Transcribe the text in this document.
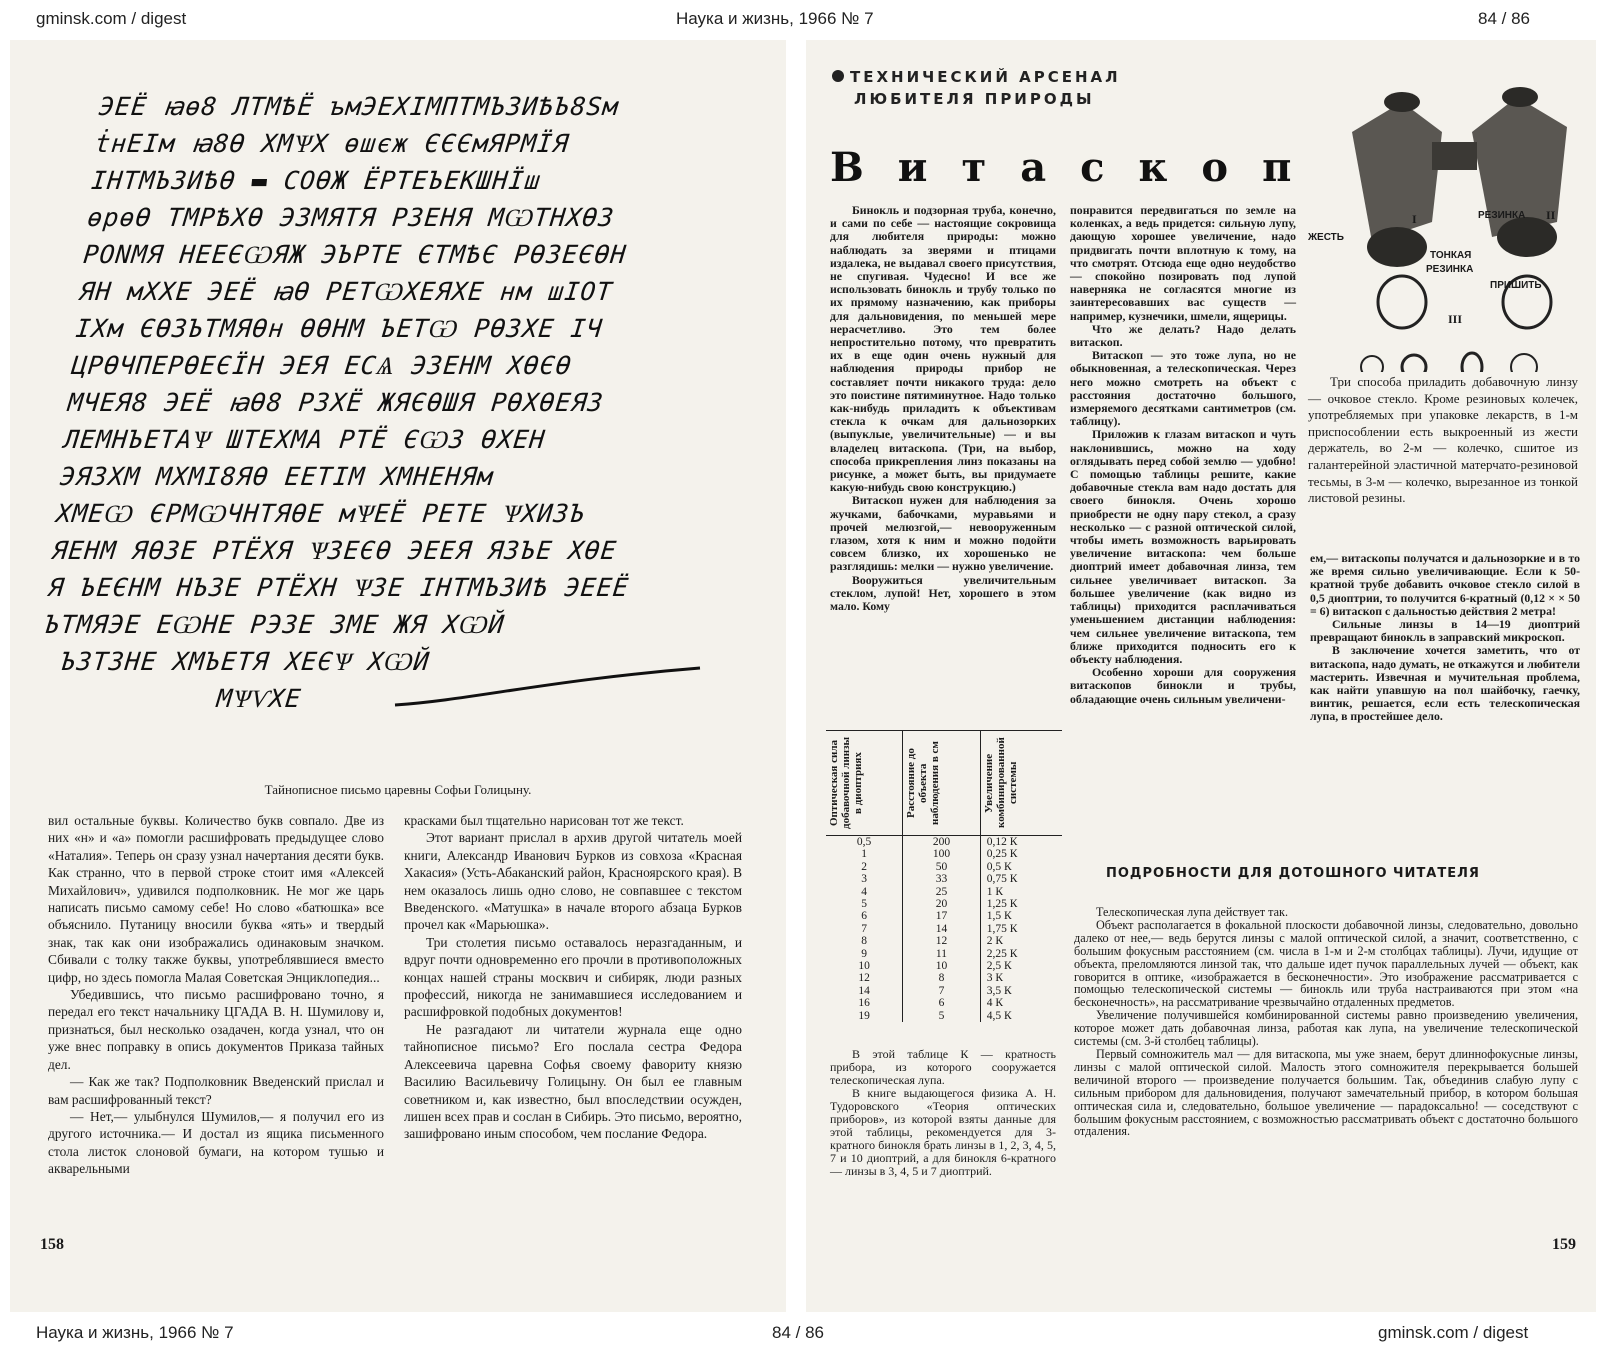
gminsk.com / digest	Наука и жизнь, 1966 № 7	84 / 86
ЭЕЁ ꙗѳ8 ЛТМѢЁ ъмЭЕХІМПТМЪЗИѢЪ8Ѕм
ṫнЕІм ꙗ8Ѳ ХМѰХ ѳшєж ЄЄЄмЯРМЇЯ
ІНТМЪЗИѢѲ ▬ СОѲЖ ЁРТЕЪЕКШНЇш
ѳрѳѲ ТМРѢХѲ ЭЗМЯТЯ РЗЕНЯ МѠТНХѲЗ
РОNМЯ НЕЕЄѠЯЖ ЭЪРТЕ ЄТМѢЄ РѲЗЕЄѲН
ЯН мХХЕ ЭЕЁ ꙗѲ РЕТѠХЕЯХЕ нм шІОТ
ІХм ЄѲЗЪТМЯѲн ѲѲНМ ЪЕТѠ РѲЗХЕ ІЧ
ЦРѲЧПЕРѲЕЄЇН ЭЕЯ ЕСѦ ЭЗЕНМ ХѲЄѲ
МЧЕЯ8 ЭЕЁ ꙗѲ8 РЗХЁ ЖЯЄѲШЯ РѲХѲЕЯЗ
ЛЕМНЪЕТАѰ ШТЕХМА РТЁ ЄѠЗ ѲХЕН
ЭЯЗХМ МХМІ8ЯѲ ЕЕТІМ ХМНЕНЯм
ХМЕѠ ЄРМѠЧНТЯѲЕ мѰЕЁ РЕТЕ ѰХИЗЪ
ЯЕНМ ЯѲЗЕ РТЁХЯ ѰЗЕЄѲ ЭЕЕЯ ЯЗЪЕ ХѲЕ
Я ЪЕЄНМ НЪЗЕ РТЁХН ѰЗЕ ІНТМЪЗИѢ ЭЕЕЁ
ЪТМЯЭЕ ЕѠНЕ РЭЗЕ ЗМЕ ЖЯ ХѠЙ
ЪЗТЗНЕ ХМЪЕТЯ ХЕЄѰ ХѠЙ
МѰѴХЕ
Тайнописное письмо царевны Софьи Голицыну.

вил остальные буквы. Количество букв совпало. Две из них «н» и «а» помогли расшифровать предыдущее слово «Наталия». Теперь он сразу узнал начертания десяти букв. Как странно, что в первой строке стоит имя «Алексей Михайлович», удивился подполковник. Не мог же царь написать письмо самому себе! Но слово «батюшка» все объяснило. Путаницу вносили буква «ять» и твердый знак, так как они изображались одинаковым значком. Сбивали с толку также буквы, употреблявшиеся вместо цифр, но здесь помогла Малая Советская Энциклопедия...

Убедившись, что письмо расшифровано точно, я передал его текст начальнику ЦГАДА В. Н. Шумилову и, признаться, был несколько озадачен, когда узнал, что он уже внес поправку в опись документов Приказа тайных дел.

— Как же так? Подполковник Введенский прислал и вам расшифрованный текст?

— Нет,— улыбнулся Шумилов,— я получил его из другого источника.— И достал из ящика письменного стола листок слоновой бумаги, на котором тушью и акварельными

красками был тщательно нарисован тот же текст.

Этот вариант прислал в архив другой читатель моей книги, Александр Иванович Бурков из совхоза «Красная Хакасия» (Усть-Абаканский район, Красноярского края). В нем оказалось лишь одно слово, не совпавшее с текстом Введенского. «Матушка» в начале второго абзаца Бурков прочел как «Марьюшка».

Три столетия письмо оставалось неразгаданным, и вдруг почти одновременно его прочли в противоположных концах нашей страны москвич и сибиряк, люди разных профессий, никогда не занимавшиеся исследованием и расшифровкой подобных документов!

Не разгадают ли читатели журнала еще одно тайнописное письмо? Его послала сестра Федора Алексеевича царевна Софья своему фавориту князю Василию Васильевичу Голицыну. Он был ее главным советником и, как известно, был впоследствии осужден, лишен всех прав и сослан в Сибирь. Это письмо, вероятно, зашифровано иным способом, чем послание Федора.

158
ТЕХНИЧЕСКИЙ АРСЕНАЛ
ЛЮБИТЕЛЯ ПРИРОДЫ
Витаскоп
I	II
III
РЕЗИНКА
ЖЕСТЬ
ТОНКАЯ
РЕЗИНКА
ПРИШИТЬ

Три способа приладить добавочную линзу — очковое стекло. Кроме резиновых колечек, употребляемых при упаковке лекарств, в 1-м приспособлении есть выкроенный из жести держатель, во 2-м — колечко, сшитое из галантерейной эластичной матерчато-резиновой тесьмы, в 3-м — колечко, вырезанное из тонкой листовой резины.

Бинокль и подзорная труба, конечно, и сами по себе — настоящие сокровища для любителя природы: можно наблюдать за зверями и птицами издалека, не выдавал своего присутствия, не спугивая. Чудесно! И все же использовать бинокль и трубу только по их прямому назначению, как приборы для дальновидения, по меньшей мере нерасчетливо. Это тем более непростительно потому, что превратить их в еще один очень нужный для наблюдения природы прибор не составляет почти никакого труда: дело это поистине пятиминутное. Надо только как-нибудь приладить к объективам стекла к очкам для дальнозорких (выпуклые, увеличительные) — и вы владелец витаскопа. (Три, на выбор, способа прикрепления линз показаны на рисунке, а может быть, вы придумаете какую-нибудь свою конструкцию.)

Витаскоп нужен для наблюдения за жучками, бабочками, муравьями и прочей мелюзгой,— невооруженным глазом, хотя к ним и можно подойти совсем близко, их хорошенько не разглядишь: мелки — нужно увеличение.

Вооружиться увеличительным стеклом, лупой! Нет, хорошего в этом мало. Кому

понравится передвигаться по земле на коленках, а ведь придется: сильную лупу, дающую хорошее увеличение, надо придвигать почти вплотную к тому, на что смотрят. Отсюда еще одно неудобство — спокойно позировать под лупой наверняка не согласятся многие из заинтересовавших вас существ — например, кузнечики, шмели, ящерицы.

Что же делать? Надо делать витаскоп.

Витаскоп — это тоже лупа, но не обыкновенная, а телескопическая. Через него можно смотреть на объект с расстояния достаточно большого, измеряемого десятками сантиметров (см. таблицу).

Приложив к глазам витаскоп и чуть наклонившись, можно на ходу оглядывать перед собой землю — удобно! С помощью таблицы решите, какие добавочные стекла вам надо достать для своего бинокля. Очень хорошо приобрести не одну пару стекол, а сразу несколько — с разной оптической силой, чтобы иметь возможность варьировать увеличение витаскопа: чем больше диоптрий имеет добавочная линза, тем сильнее увеличивает витаскоп. За большее увеличение (как видно из таблицы) приходится расплачиваться уменьшением дистанции наблюдения: чем сильнее увеличение витаскопа, тем ближе приходится подносить его к объекту наблюдения.

Особенно хороши для сооружения витаскопов бинокли и трубы, обладающие очень сильным увеличени-

ем,— витаскопы получатся и дальнозоркие и в то же время сильно увеличивающие. Если к 50-кратной трубе добавить очковое стекло силой в 0,5 диоптрии, то получится 6-кратный (0,12 × × 50 = 6) витаскоп с дальностью действия 2 метра!

Сильные линзы в 14—19 диоптрий превращают бинокль в заправский микроскоп.

В заключение хочется заметить, что от витаскопа, надо думать, не откажутся и любители мастерить. Извечная и мучительная проблема, как найти упавшую на пол шайбочку, гаечку, винтик, решается, если есть телескопическая лупа, в простейшее дело.

Оптическая сила добавочной линзы в диоптриях	Расстояние до объекта наблюдения в см	Увеличение комбинированной системы

0,5	200	0,12 К
1	100	0,25 К
2	50	0,5 К
3	33	0,75 К
4	25	1 К
5	20	1,25 К
6	17	1,5 К
7	14	1,75 К
8	12	2 К
9	11	2,25 К
10	10	2,5 К
12	8	3 К
14	7	3,5 К
16	6	4 К
19	5	4,5 К

В этой таблице К — кратность прибора, из которого сооружается телескопическая лупа.

В книге выдающегося физика А. Н. Тудоровского «Теория оптических приборов», из которой взяты данные для этой таблицы, рекомендуется для 3-кратного бинокля брать линзы в 1, 2, 3, 4, 5, 7 и 10 диоптрий, а для бинокля 6-кратного — линзы в 3, 4, 5 и 7 диоптрий.

ПОДРОБНОСТИ ДЛЯ ДОТОШНОГО ЧИТАТЕЛЯ

Телескопическая лупа действует так.

Объект располагается в фокальной плоскости добавочной линзы, следовательно, довольно далеко от нее,— ведь берутся линзы с малой оптической силой, а значит, соответственно, с большим фокусным расстоянием (см. числа в 1-м и 2-м столбцах таблицы). Лучи, идущие от объекта, преломляются линзой так, что дальше идет пучок параллельных лучей — объект, как говорится в оптике, «изображается в бесконечности». Это изображение рассматривается с помощью телескопической системы — бинокль или труба настраиваются при этом «на бесконечность», на рассматривание чрезвычайно отдаленных предметов.

Увеличение получившейся комбинированной системы равно произведению увеличения, которое может дать добавочная линза, работая как лупа, на увеличение телескопической системы (см. 3-й столбец таблицы).

Первый сомножитель мал — для витаскопа, мы уже знаем, берут длиннофокусные линзы, линзы с малой оптической силой. Малость этого сомножителя перекрывается большей величиной второго — произведение получается большим. Так, объединив слабую лупу с сильным прибором для дальновидения, получают замечательный прибор, в котором большая оптическая сила и, следовательно, большое увеличение — парадоксально! — соседствуют с большим фокусным расстоянием, с возможностью рассматривать объект с достаточно большого отдаления.

159
Наука и жизнь, 1966 № 7	84 / 86	gminsk.com / digest
